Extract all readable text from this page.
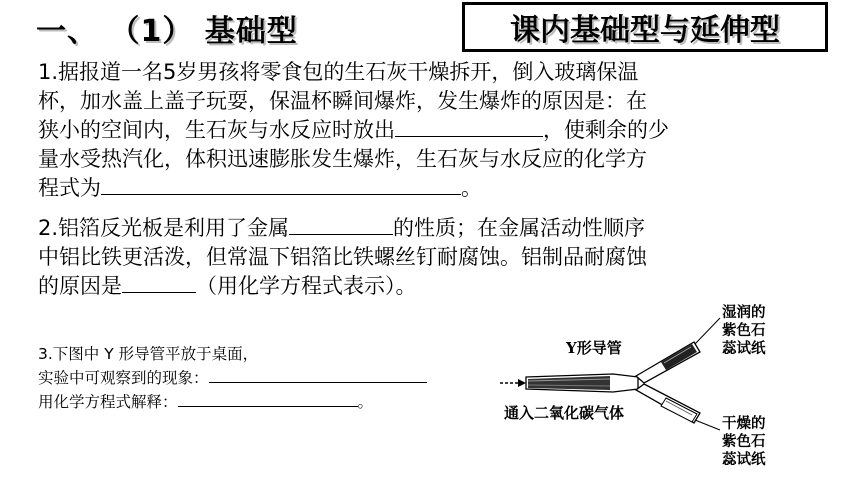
一、 （1） 基础型	课内基础型与延伸型
1.据报道一名5岁男孩将零食包的生石灰干燥拆开，倒入玻璃保温
杯，加水盖上盖子玩耍，保温杯瞬间爆炸，发生爆炸的原因是：在
狭小的空间内，生石灰与水反应时放出	，使剩余的少
量水受热汽化，体积迅速膨胀发生爆炸，生石灰与水反应的化学方
程式为	。
2.铝箔反光板是利用了金属	的性质；在金属活动性顺序
中铝比铁更活泼，但常温下铝箔比铁螺丝钉耐腐蚀。铝制品耐腐蚀
的原因是	（用化学方程式表示）。
3.下图中 Y 形导管平放于桌面，
实验中可观察到的现象：
用化学方程式解释：	。
Y形导管
通入二氧化碳气体
湿润的
紫色石
蕊试纸
干燥的
紫色石
蕊试纸
